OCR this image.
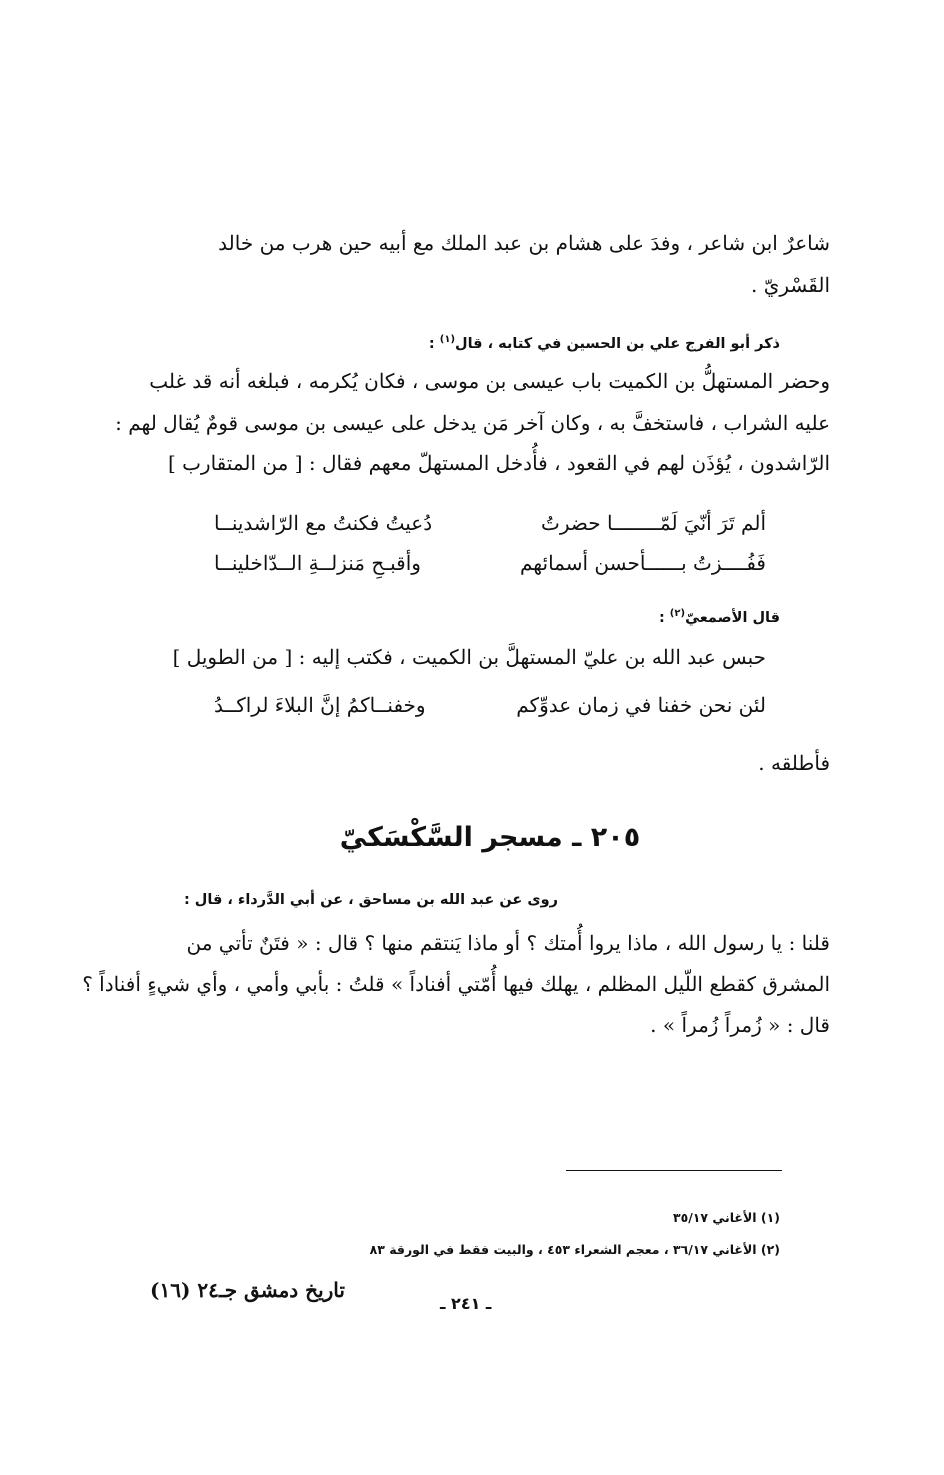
شاعرٌ ابن شاعر ، وفدَ على هشام بن عبد الملك مع أبيه حين هرب من خالد
القَسْريّ .
ذكر أبو الفرج علي بن الحسين في كتابه ، قال$^{(١)}$ :
وحضر المستهلُّ بن الكميت باب عيسى بن موسى ، فكان يُكرمه ، فبلغه أنه قد غلب
عليه الشراب ، فاستخفَّ به ، وكان آخر مَن يدخل على عيسى بن موسى قومٌ يُقال لهم :
الرّاشدون ، يُؤذَن لهم في القعود ، فأُدخل المستهلّ معهم فقال : [ من المتقارب ]
ألم تَرَ أنّيَ لَمّــــــــا حضرتُ
دُعيتُ فكنتُ مع الرّاشدينــا
فَفُــــزتُ بــــــأحسن أسمائهم
وأقبـحِ مَنزلــةِ الــدّاخلينــا
قال الأصمعيّ$^{(٢)}$ :
حبس عبد الله بن عليّ المستهلَّ بن الكميت ، فكتب إليه : [ من الطويل ]
لئن نحن خفنا في زمان عدوِّكم
وخفنــاكمُ إنَّ البلاءَ لراكــدُ
فأطلقه .
٢٠٥ ـ مسجر السَّكْسَكيّ
روى عن عبد الله بن مساحق ، عن أبي الدَّرداء ، قال :
قلنا : يا رسول الله ، ماذا يروا أُمتك ؟ أو ماذا يَنتقم منها ؟ قال : « فتَنٌ تأتي من
المشرق كقطع اللّيل المظلم ، يهلك فيها أُمّتي أفناداً » قلتُ : بأبي وأمي ، وأي شيءٍ أفناداً ؟
قال : « زُمراً زُمراً » .
(١) الأغاني ٣٥/١٧
(٢) الأغاني ٣٦/١٧ ، معجم الشعراء ٤٥٣ ، والبيت فقط في الورقة ٨٣
تاريخ دمشق جـ٢٤ (١٦)
ـ ٢٤١ ـ
